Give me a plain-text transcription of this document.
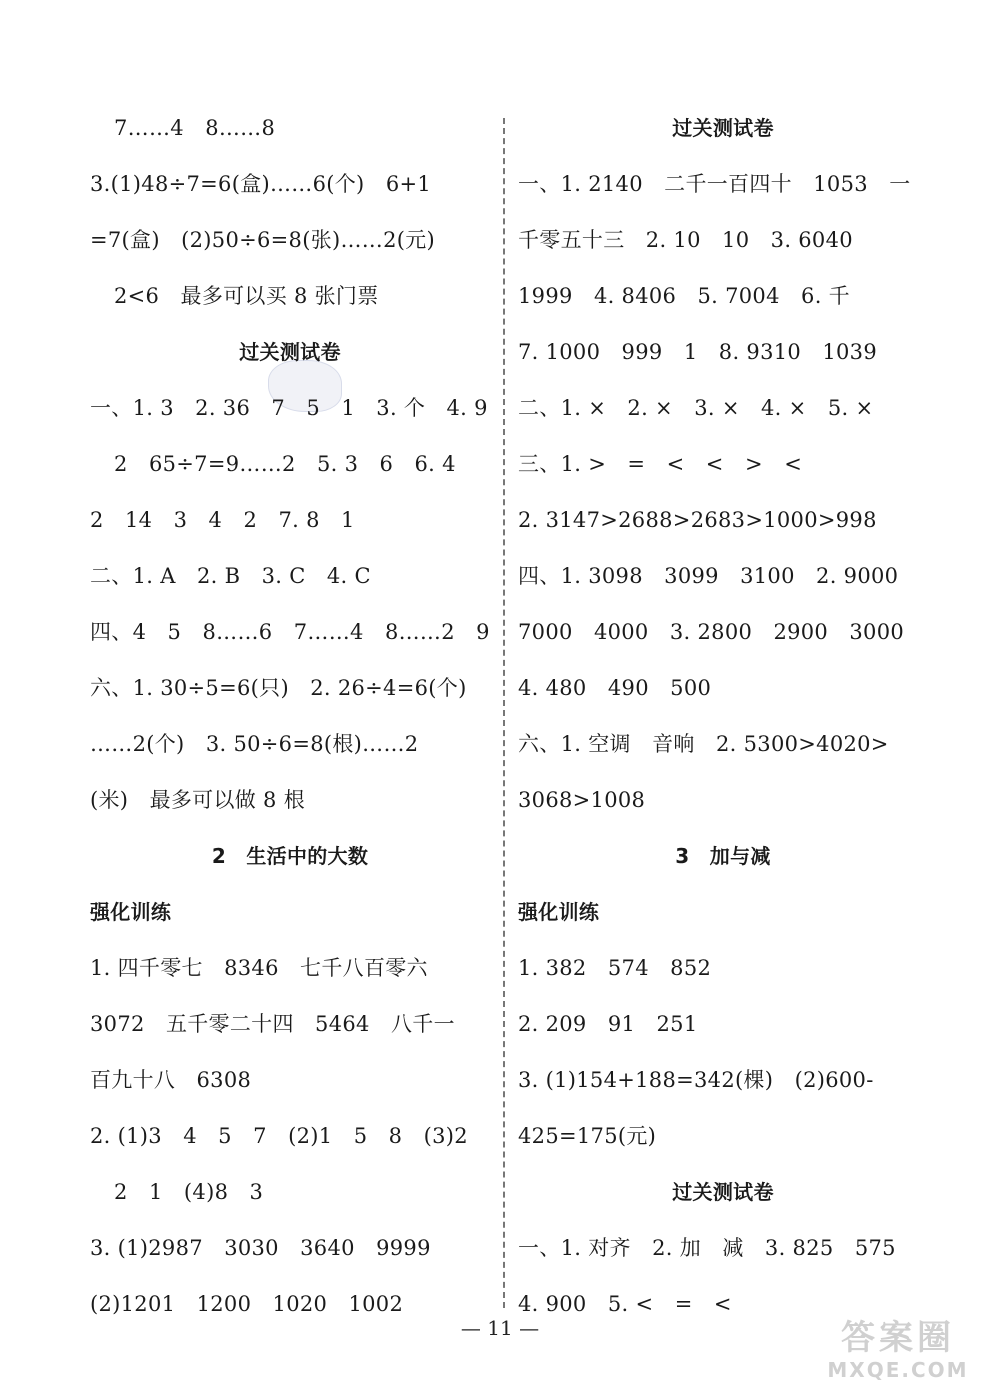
7……4　8……8
3.(1)48÷7=6(盒)……6(个)　6+1
=7(盒)　(2)50÷6=8(张)……2(元)
2<6　最多可以买 8 张门票
过关测试卷
一、1. 3　2. 36　7　5　1　3. 个　4. 9
2　65÷7=9……2　5. 3　6　6. 4
2　14　3　4　2　7. 8　1
二、1. A　2. B　3. C　4. C
四、4　5　8……6　7……4　8……2　9
六、1. 30÷5=6(只)　2. 26÷4=6(个)
……2(个)　3. 50÷6=8(根)……2
(米)　最多可以做 8 根
2　生活中的大数
强化训练
1. 四千零七　8346　七千八百零六
3072　五千零二十四　5464　八千一
百九十八　6308
2. (1)3　4　5　7　(2)1　5　8　(3)2
2　1　(4)8　3
3. (1)2987　3030　3640　9999
(2)1201　1200　1020　1002
过关测试卷
一、1. 2140　二千一百四十　1053　一
千零五十三　2. 10　10　3. 6040
1999　4. 8406　5. 7004　6. 千
7. 1000　999　1　8. 9310　1039
二、1. ×　2. ×　3. ×　4. ×　5. ×
三、1. >　=　<　<　>　<
2. 3147>2688>2683>1000>998
四、1. 3098　3099　3100　2. 9000
7000　4000　3. 2800　2900　3000
4. 480　490　500
六、1. 空调　音响　2. 5300>4020>
3068>1008
3　加与减
强化训练
1. 382　574　852
2. 209　91　251
3. (1)154+188=342(棵)　(2)600-
425=175(元)
过关测试卷
一、1. 对齐　2. 加　减　3. 825　575
4. 900　5. <　=　<
— 11 —	答案圈
MXQE.COM
